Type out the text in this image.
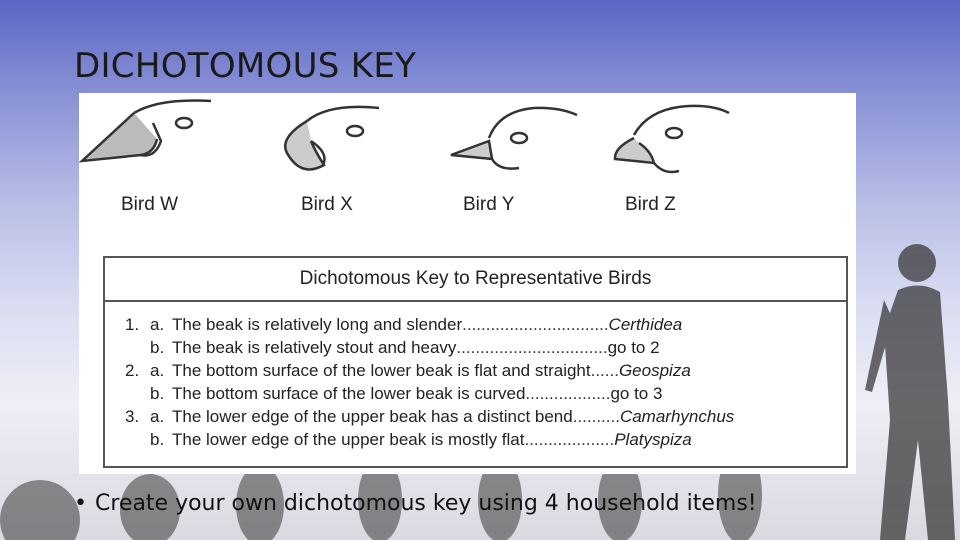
DICHOTOMOUS KEY
Bird W	Bird X	Bird Y	Bird Z
Dichotomous Key to Representative Birds
1. a. The beak is relatively long and slender ............................... Certhidea
b. The beak is relatively stout and heavy ................................ go to 2
2. a. The bottom surface of the lower beak is flat and straight ...... Geospiza
b. The bottom surface of the lower beak is curved .................. go to 3
3. a. The lower edge of the upper beak has a distinct bend .......... Camarhynchus
b. The lower edge of the upper beak is mostly flat ................... Platyspiza
• Create your own dichotomous key using 4 household items!
